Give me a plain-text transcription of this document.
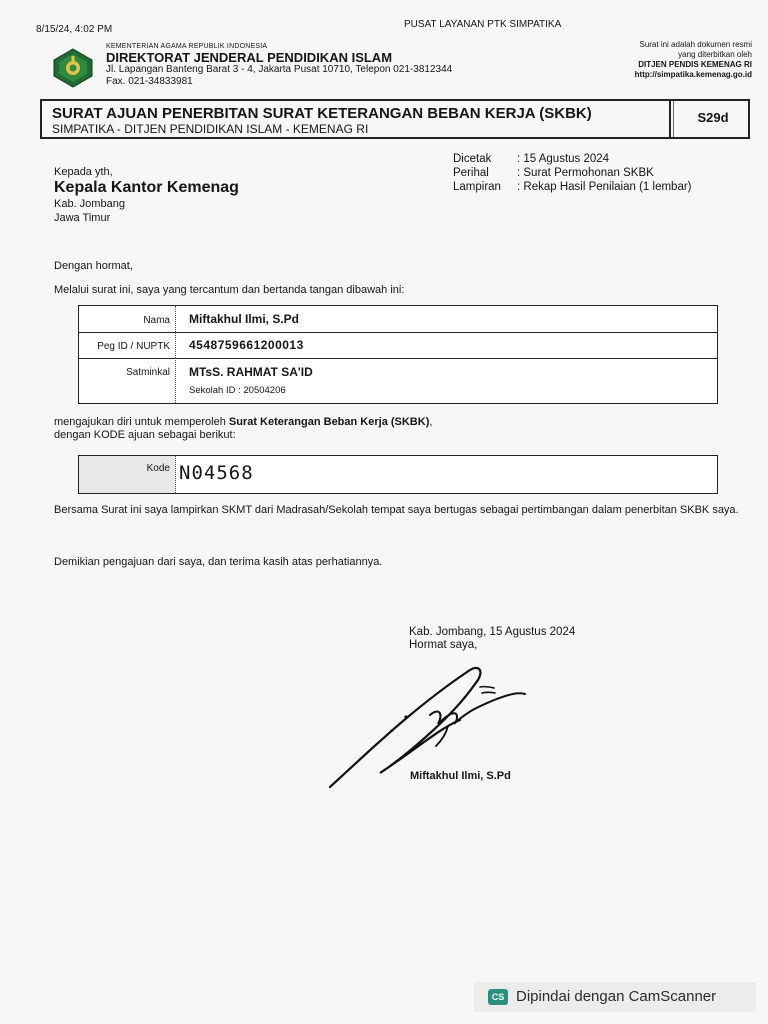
8/15/24, 4:02 PM	PUSAT LAYANAN PTK SIMPATIKA
KEMENTERIAN AGAMA REPUBLIK INDONESIA
DIREKTORAT JENDERAL PENDIDIKAN ISLAM
Jl. Lapangan Banteng Barat 3 - 4, Jakarta Pusat 10710, Telepon 021-3812344
Fax. 021-34833981
Surat ini adalah dokumen resmi
yang diterbitkan oleh
DITJEN PENDIS KEMENAG RI
http://simpatika.kemenag.go.id
SURAT AJUAN PENERBITAN SURAT KETERANGAN BEBAN KERJA (SKBK)
SIMPATIKA - DITJEN PENDIDIKAN ISLAM - KEMENAG RI
S29d
Kepada yth,
Kepala Kantor Kemenag
Kab. Jombang
Jawa Timur
Dicetak	: 15 Agustus 2024
Perihal	: Surat Permohonan SKBK
Lampiran	: Rekap Hasil Penilaian (1 lembar)
Dengan hormat,
Melalui surat ini, saya yang tercantum dan bertanda tangan dibawah ini:
Nama	Miftakhul Ilmi, S.Pd
Peg ID / NUPTK	4548759661200013
Satminkal	MTsS. RAHMAT SA'ID
Sekolah ID : 20504206
mengajukan diri untuk memperoleh Surat Keterangan Beban Kerja (SKBK),
dengan KODE ajuan sebagai berikut:
Kode N04568
Bersama Surat ini saya lampirkan SKMT dari Madrasah/Sekolah tempat saya bertugas sebagai pertimbangan dalam penerbitan SKBK saya.
Demikian pengajuan dari saya, dan terima kasih atas perhatiannya.
Kab. Jombang, 15 Agustus 2024
Hormat saya,
Miftakhul Ilmi, S.Pd
CS Dipindai dengan CamScanner
